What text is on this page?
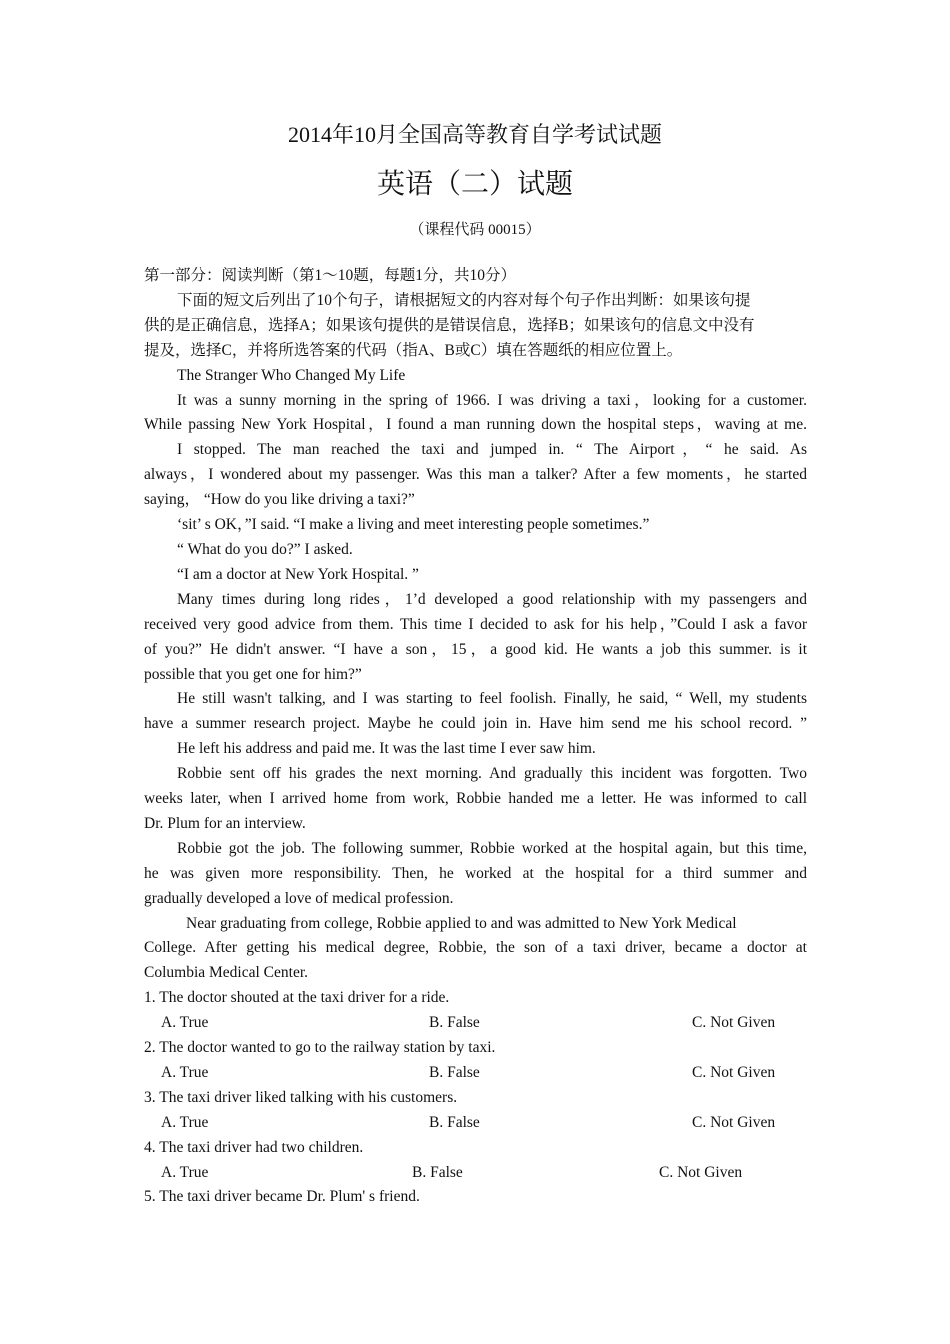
2014年10月全国高等教育自学考试试题
英语（二）试题
（课程代码 00015）
第一部分：阅读判断（第1～10题，每题1分，共10分）
下面的短文后列出了10个句子，请根据短文的内容对每个句子作出判断：如果该句提
供的是正确信息，选择A；如果该句提供的是错误信息，选择B；如果该句的信息文中没有
提及，选择C，并将所选答案的代码（指A、B或C）填在答题纸的相应位置上。
The Stranger Who Changed My Life
It was a sunny morning in the spring of 1966. I was driving a taxi，looking for a customer.
While passing New York Hospital，I found a man running down the hospital steps，waving at me.
I stopped. The man reached the taxi and jumped in. “ The Airport，“ he said. As
always，I wondered about my passenger. Was this man a talker? After a few moments，he started
saying， “How do you like driving a taxi?”
‘sit’ s OK，”I said. “I make a living and meet interesting people sometimes.”
“ What do you do?” I asked.
“I am a doctor at New York Hospital. ”
Many times during long rides，1’d developed a good relationship with my passengers and
received very good advice from them. This time I decided to ask for his help，”Could I ask a favor
of you?” He didn't answer. “I have a son，15，a good kid. He wants a job this summer. is it
possible that you get one for him?”
He still wasn't talking, and I was starting to feel foolish. Finally, he said, “ Well, my students
have a summer research project. Maybe he could join in. Have him send me his school record. ”
He left his address and paid me. It was the last time I ever saw him.
Robbie sent off his grades the next morning. And gradually this incident was forgotten. Two
weeks later, when I arrived home from work, Robbie handed me a letter. He was informed to call
Dr. Plum for an interview.
Robbie got the job. The following summer, Robbie worked at the hospital again, but this time,
he was given more responsibility. Then, he worked at the hospital for a third summer and
gradually developed a love of medical profession.
Near graduating from college, Robbie applied to and was admitted to New York Medical
College. After getting his medical degree, Robbie, the son of a taxi driver, became a doctor at
Columbia Medical Center.
1. The doctor shouted at the taxi driver for a ride.
A. True	B. False	C. Not Given
2. The doctor wanted to go to the railway station by taxi.
A. True	B. False	C. Not Given
3. The taxi driver liked talking with his customers.
A. True	B. False	C. Not Given
4. The taxi driver had two children.
A. True	B. False	C. Not Given
5. The taxi driver became Dr. Plum' s friend.
